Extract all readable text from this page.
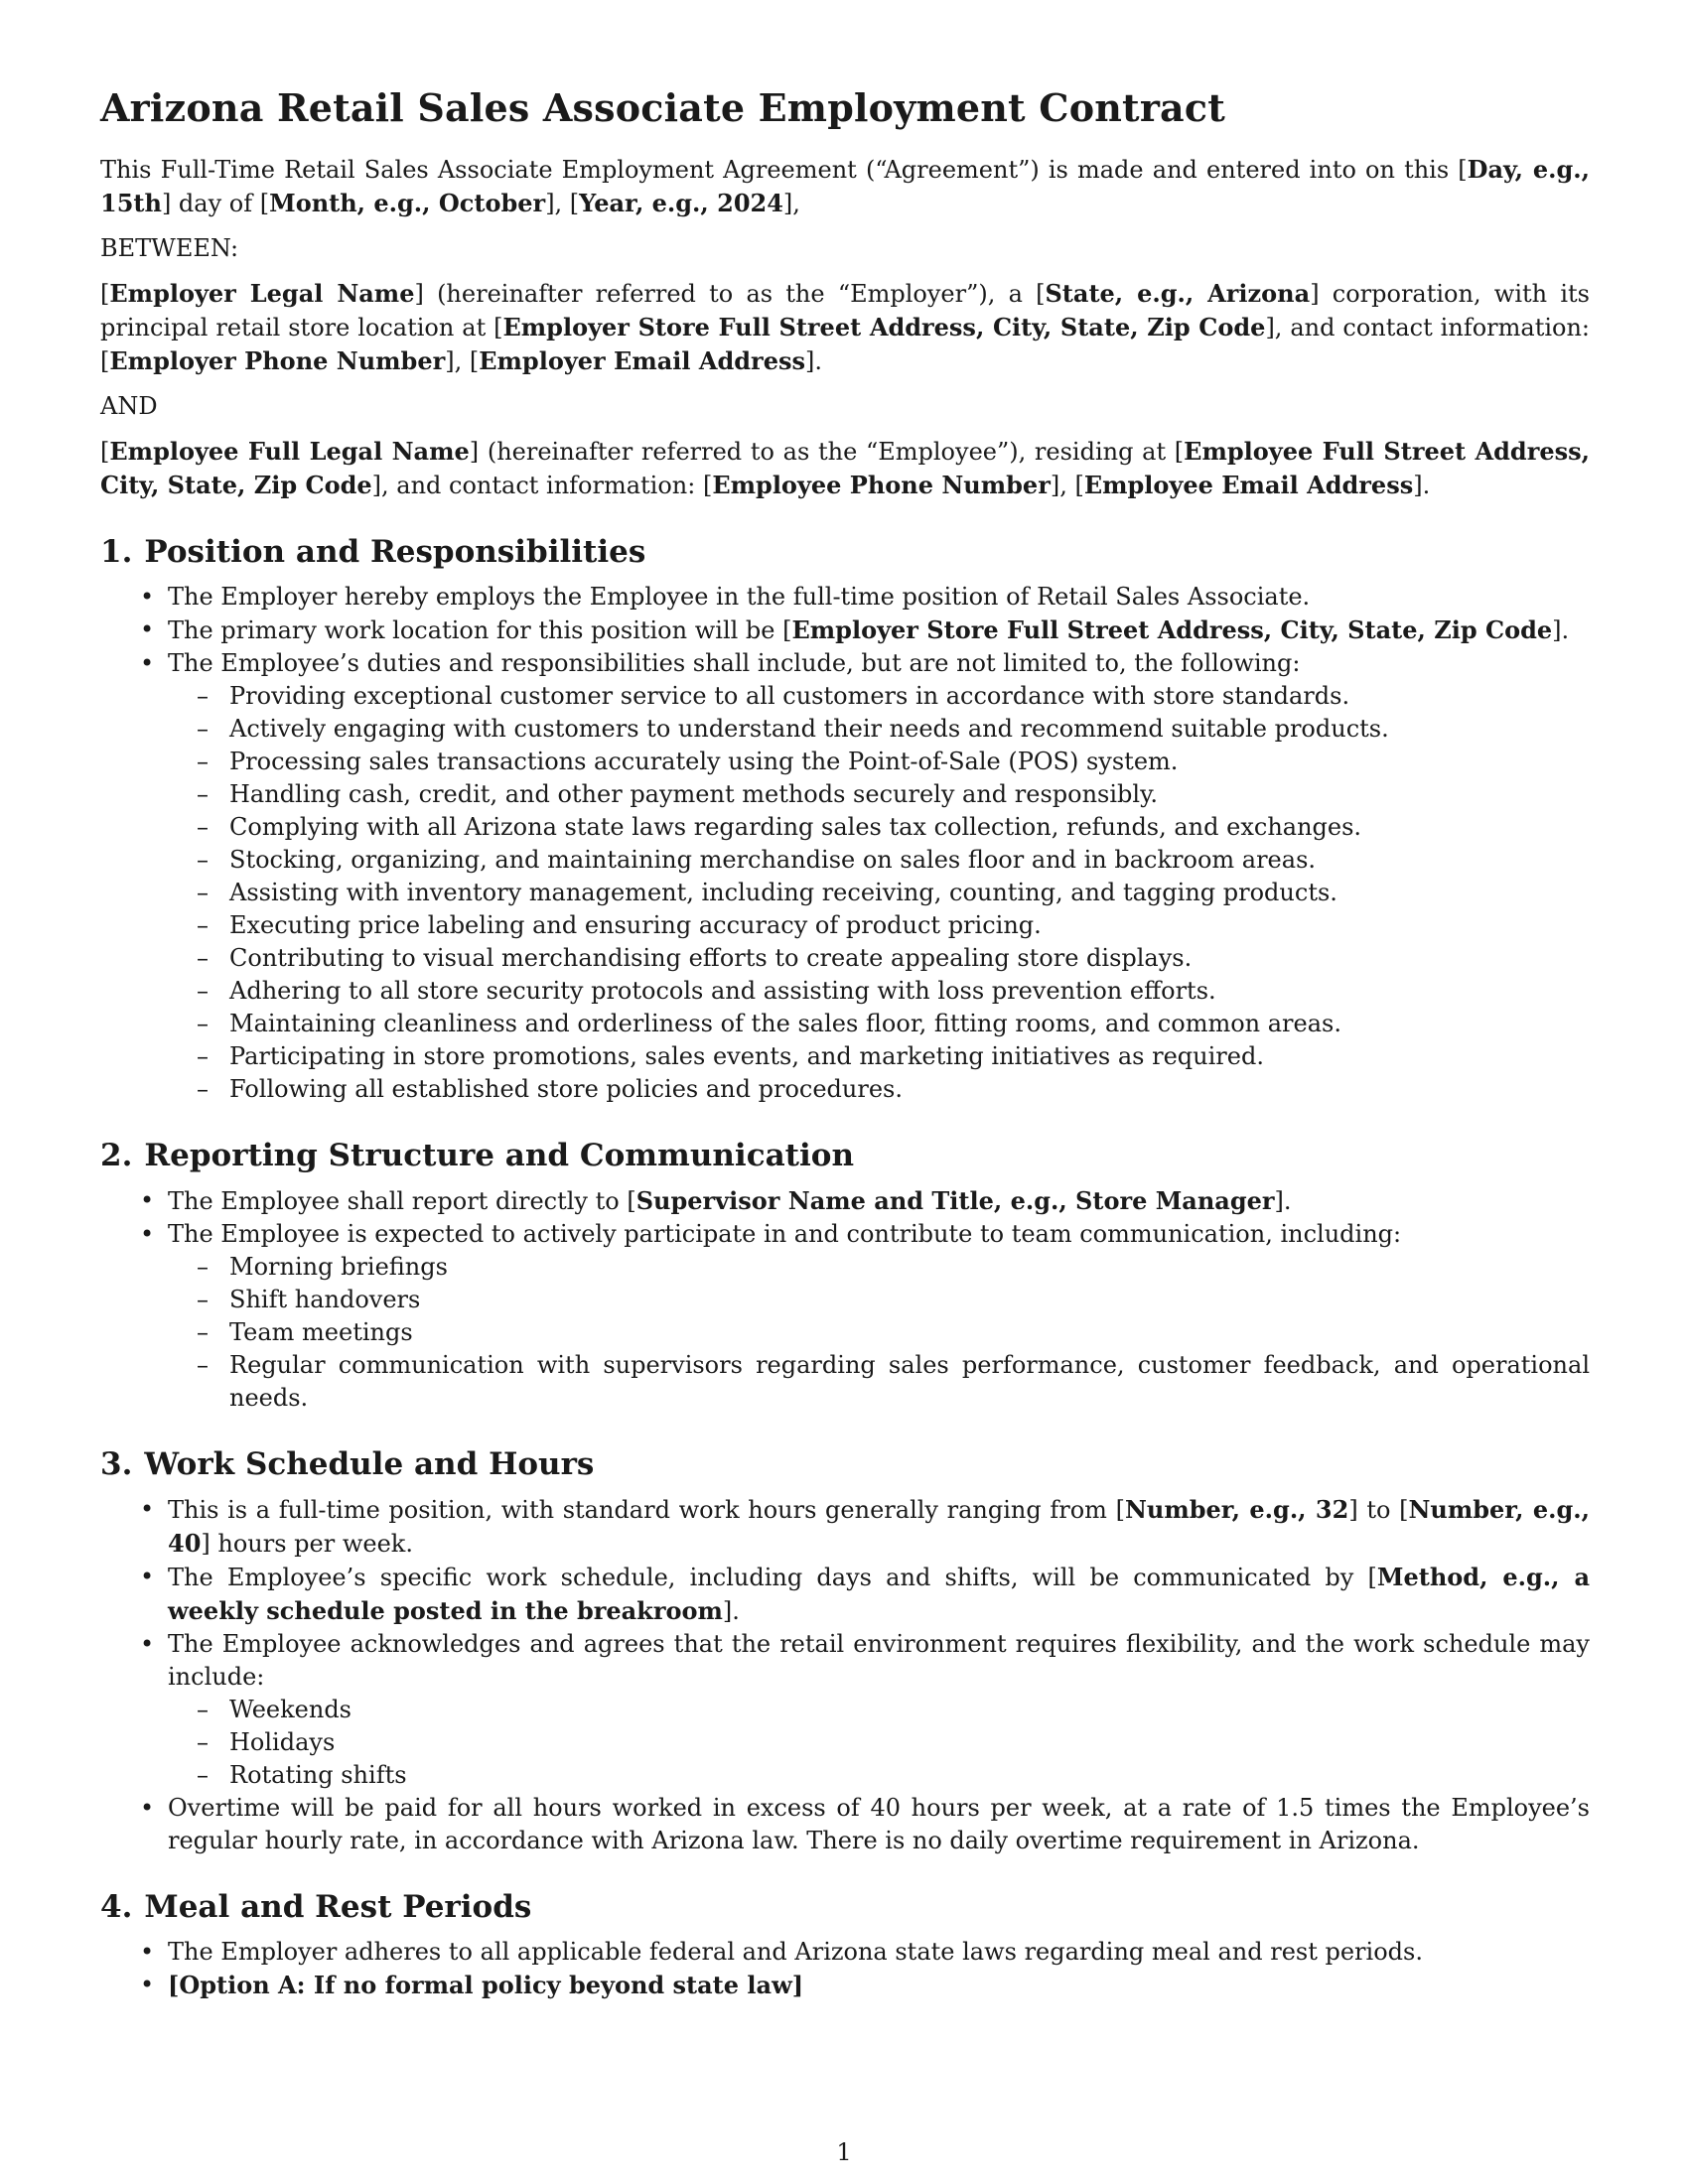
Arizona Retail Sales Associate Employment Contract

This Full-Time Retail Sales Associate Employment Agreement (“Agreement”) is made and entered into on this [Day, e.g., 15th] day of [Month, e.g., October], [Year, e.g., 2024],

BETWEEN:

[Employer Legal Name] (hereinafter referred to as the “Employer”), a [State, e.g., Arizona] corporation, with its principal retail store location at [Employer Store Full Street Address, City, State, Zip Code], and contact information: [Employer Phone Number], [Employer Email Address].

AND

[Employee Full Legal Name] (hereinafter referred to as the “Employee”), residing at [Employee Full Street Address, City, State, Zip Code], and contact information: [Employee Phone Number], [Employee Email Address].

1. Position and Responsibilities
• The Employer hereby employs the Employee in the full-time position of Retail Sales Associate.
• The primary work location for this position will be [Employer Store Full Street Address, City, State, Zip Code].
• The Employee’s duties and responsibilities shall include, but are not limited to, the following:
– Providing exceptional customer service to all customers in accordance with store standards.
– Actively engaging with customers to understand their needs and recommend suitable products.
– Processing sales transactions accurately using the Point-of-Sale (POS) system.
– Handling cash, credit, and other payment methods securely and responsibly.
– Complying with all Arizona state laws regarding sales tax collection, refunds, and exchanges.
– Stocking, organizing, and maintaining merchandise on sales floor and in backroom areas.
– Assisting with inventory management, including receiving, counting, and tagging products.
– Executing price labeling and ensuring accuracy of product pricing.
– Contributing to visual merchandising efforts to create appealing store displays.
– Adhering to all store security protocols and assisting with loss prevention efforts.
– Maintaining cleanliness and orderliness of the sales floor, fitting rooms, and common areas.
– Participating in store promotions, sales events, and marketing initiatives as required.
– Following all established store policies and procedures.
2. Reporting Structure and Communication
• The Employee shall report directly to [Supervisor Name and Title, e.g., Store Manager].
• The Employee is expected to actively participate in and contribute to team communication, including:
– Morning briefings
– Shift handovers
– Team meetings
– Regular communication with supervisors regarding sales performance, customer feedback, and operational needs.
3. Work Schedule and Hours
• This is a full-time position, with standard work hours generally ranging from [Number, e.g., 32] to [Number, e.g., 40] hours per week.
• The Employee’s specific work schedule, including days and shifts, will be communicated by [Method, e.g., a weekly schedule posted in the breakroom].
• The Employee acknowledges and agrees that the retail environment requires flexibility, and the work schedule may include:
– Weekends
– Holidays
– Rotating shifts
• Overtime will be paid for all hours worked in excess of 40 hours per week, at a rate of 1.5 times the Employee’s regular hourly rate, in accordance with Arizona law. There is no daily overtime requirement in Arizona.
4. Meal and Rest Periods
• The Employer adheres to all applicable federal and Arizona state laws regarding meal and rest periods.
• [Option A: If no formal policy beyond state law]
1
